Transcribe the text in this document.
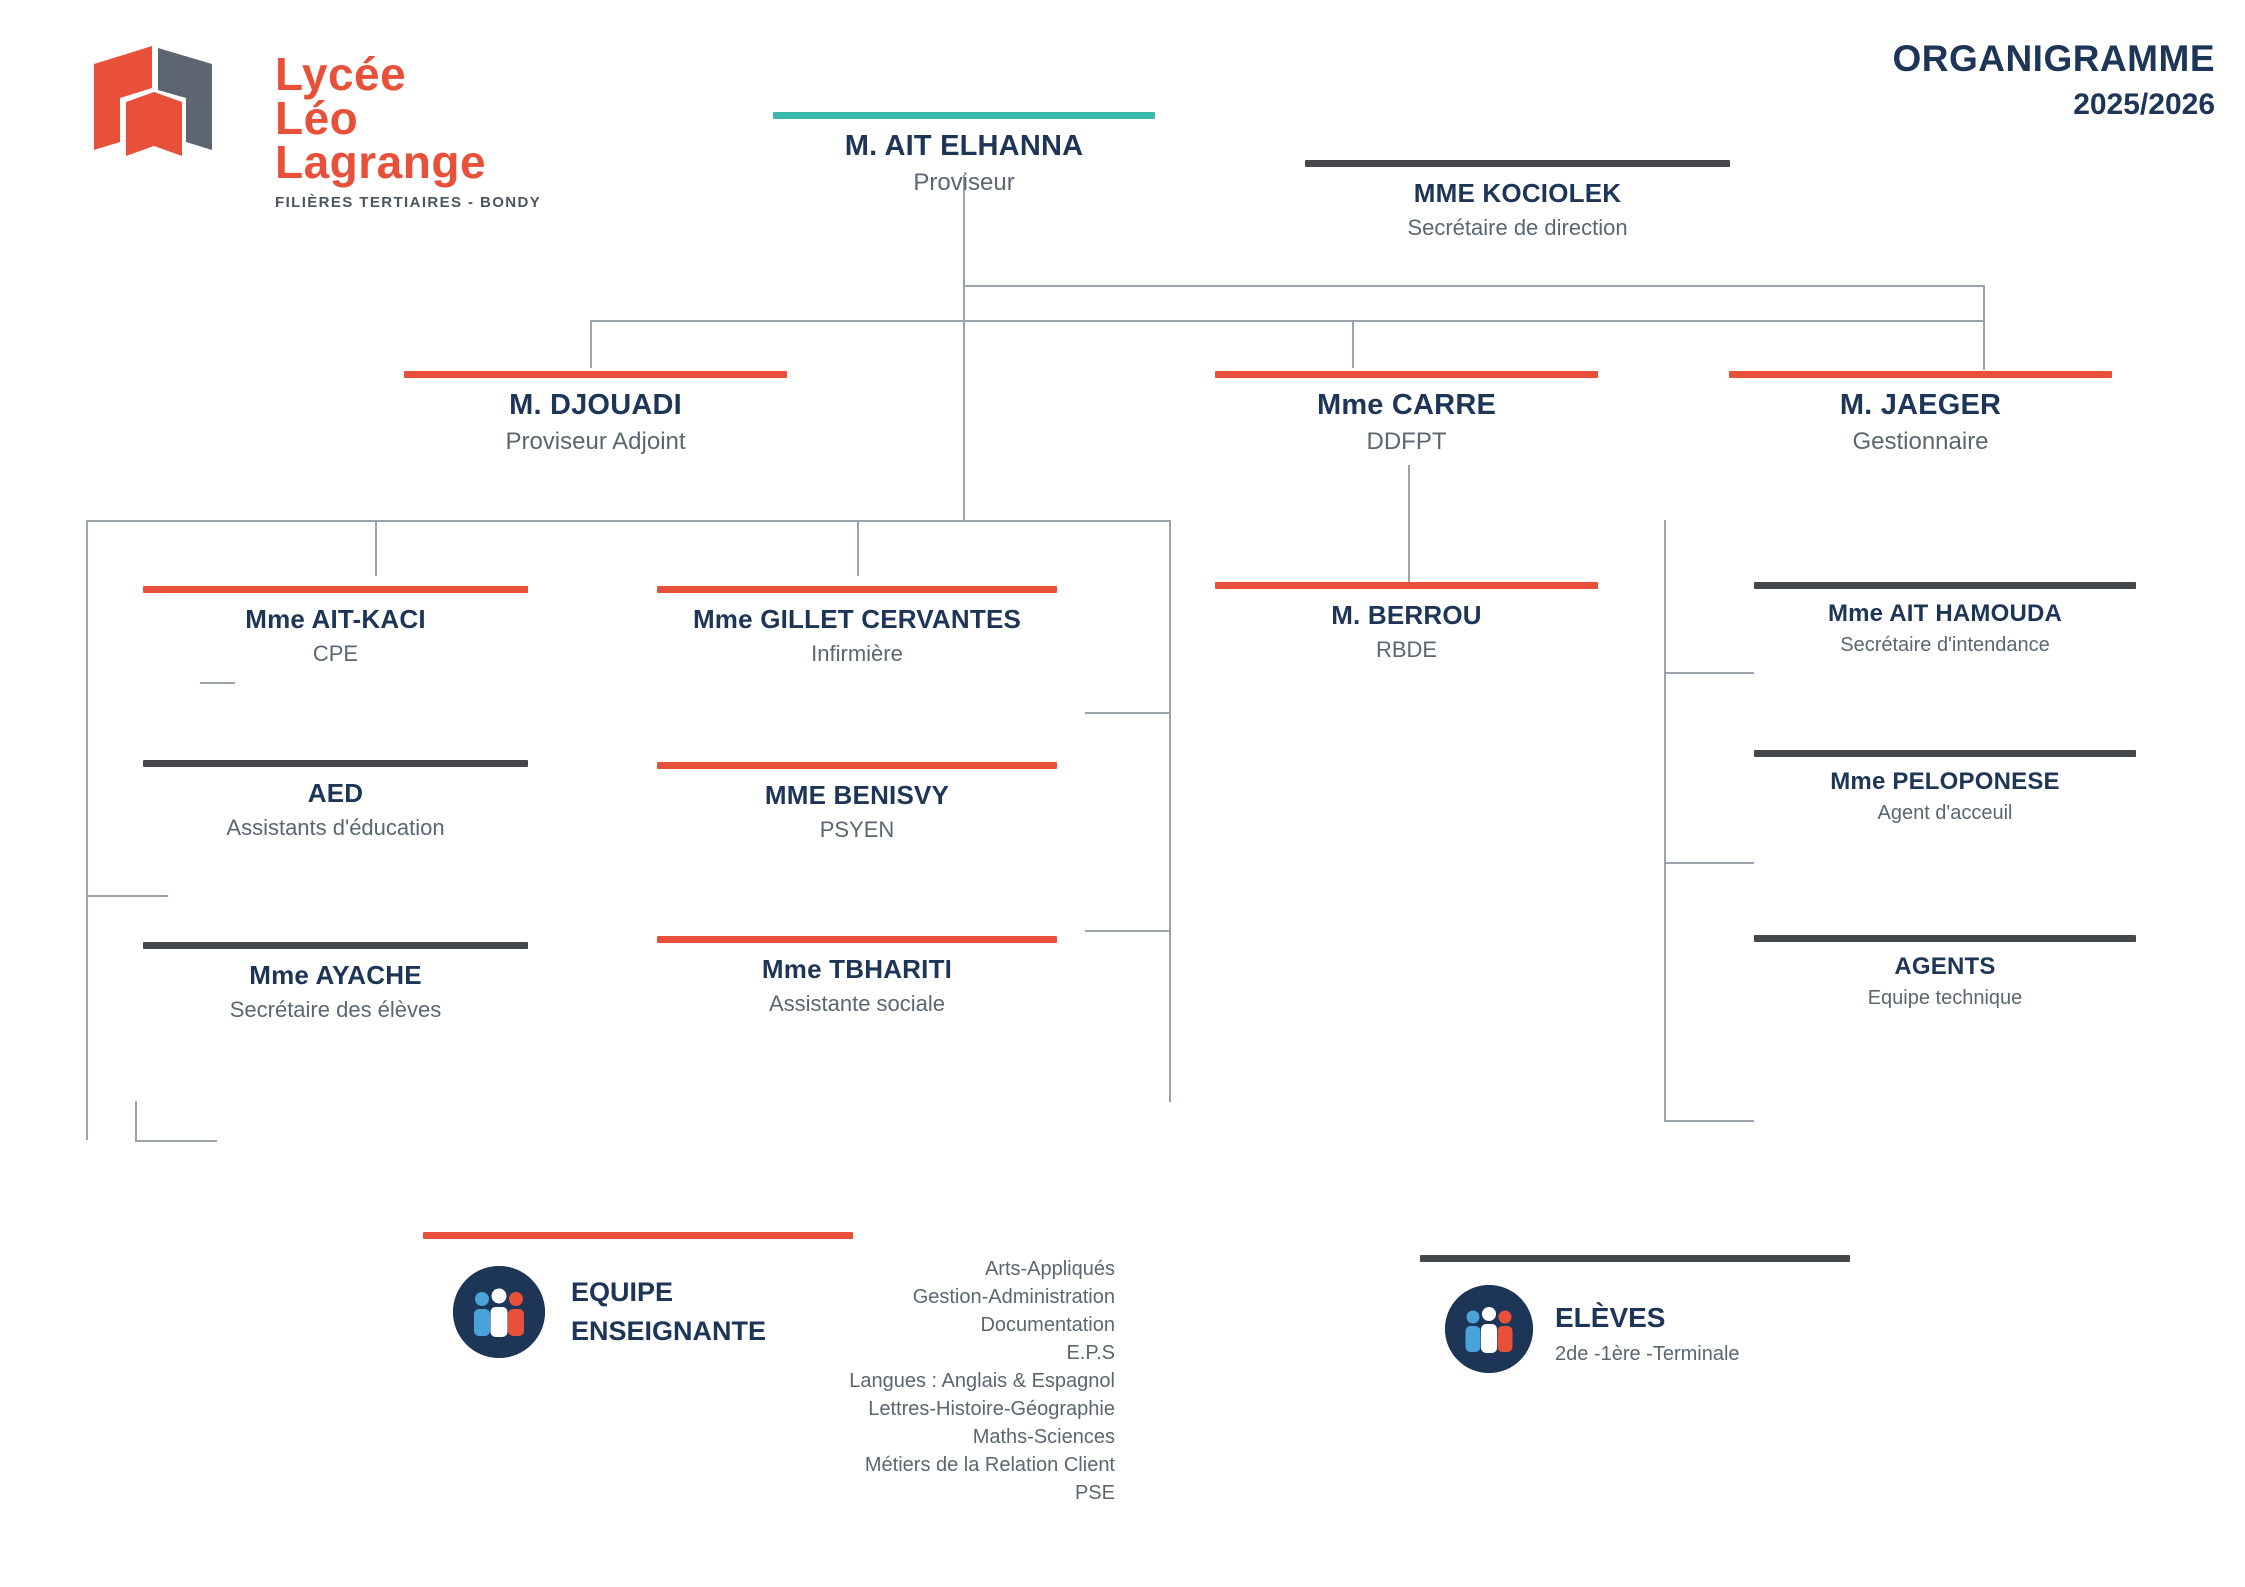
Lycée
Léo
Lagrange
FILIÈRES TERTIAIRES - BONDY
ORGANIGRAMME
2025/2026
M. AIT ELHANNA
Proviseur	MME KOCIOLEK
Secrétaire de direction
M. DJOUADI
Proviseur Adjoint
Mme CARRE
DDFPT
M. JAEGER
Gestionnaire
Mme AIT-KACI
CPE
Mme GILLET CERVANTES
Infirmière
M. BERROU
RBDE
Mme AIT HAMOUDA
Secrétaire d'intendance
AED
Assistants d'éducation
MME BENISVY
PSYEN
Mme PELOPONESE
Agent d'acceuil
Mme AYACHE
Secrétaire des élèves
Mme TBHARITI
Assistante sociale
AGENTS
Equipe technique
EQUIPE
ENSEIGNANTE
Arts-Appliqués
Gestion-Administration
Documentation
E.P.S
Langues : Anglais & Espagnol
Lettres-Histoire-Géographie
Maths-Sciences
Métiers de la Relation Client
PSE
ELÈVES
2de -1ère -Terminale
